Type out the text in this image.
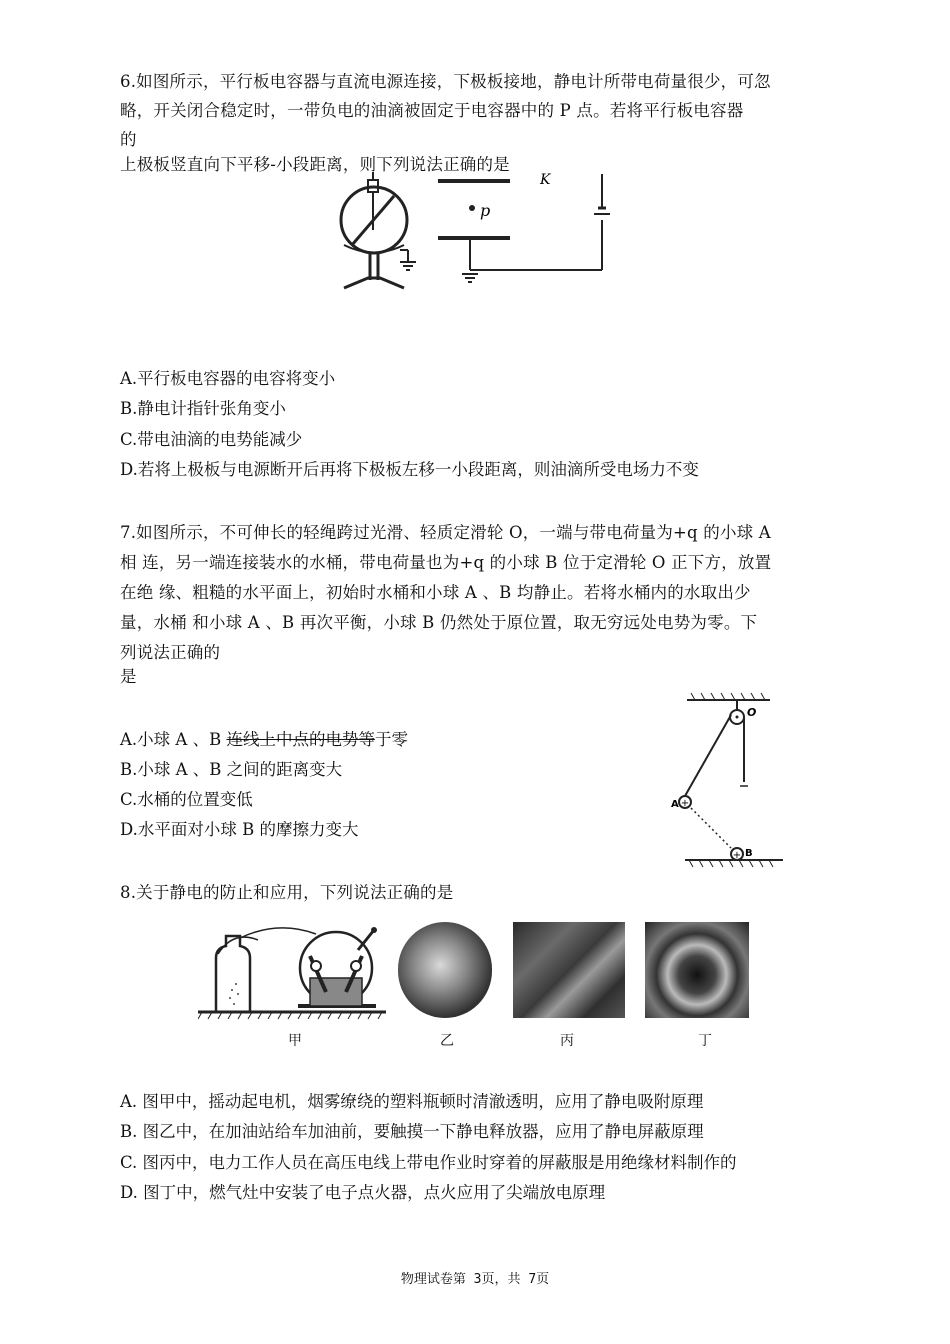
6.如图所示，平行板电容器与直流电源连接，下极板接地，静电计所带电荷量很少，可忽
略，开关闭合稳定时，一带负电的油滴被固定于电容器中的 P 点。若将平行板电容器
的
上极板竖直向下平移-小段距离，则下列说法正确的是
p
K
A.平行板电容器的电容将变小
B.静电计指针张角变小
C.带电油滴的电势能减少
D.若将上极板与电源断开后再将下极板左移一小段距离，则油滴所受电场力不变
7.如图所示，不可伸长的轻绳跨过光滑、轻质定滑轮 O，一端与带电荷量为+q 的小球 A
相 连，另一端连接装水的水桶，带电荷量也为+q 的小球 B 位于定滑轮 O 正下方，放置
在绝 缘、粗糙的水平面上，初始时水桶和小球 A 、B 均静止。若将水桶内的水取出少
量，水桶 和小球 A 、B 再次平衡，小球 B 仍然处于原位置，取无穷远处电势为零。下
列说法正确的
是
A.小球 A 、B 连线上中点的电势等于零
B.小球 A 、B 之间的距离变大
C.水桶的位置变低
D.水平面对小球 B 的摩擦力变大
O
+
A
+ B
8.关于静电的防止和应用，下列说法正确的是
甲	乙	丙	丁
A. 图甲中，摇动起电机，烟雾缭绕的塑料瓶顿时清澈透明，应用了静电吸附原理
B. 图乙中，在加油站给车加油前，要触摸一下静电释放器，应用了静电屏蔽原理
C. 图丙中，电力工作人员在高压电线上带电作业时穿着的屏蔽服是用绝缘材料制作的
D. 图丁中，燃气灶中安装了电子点火器，点火应用了尖端放电原理
物理试卷第 3页，共 7页
